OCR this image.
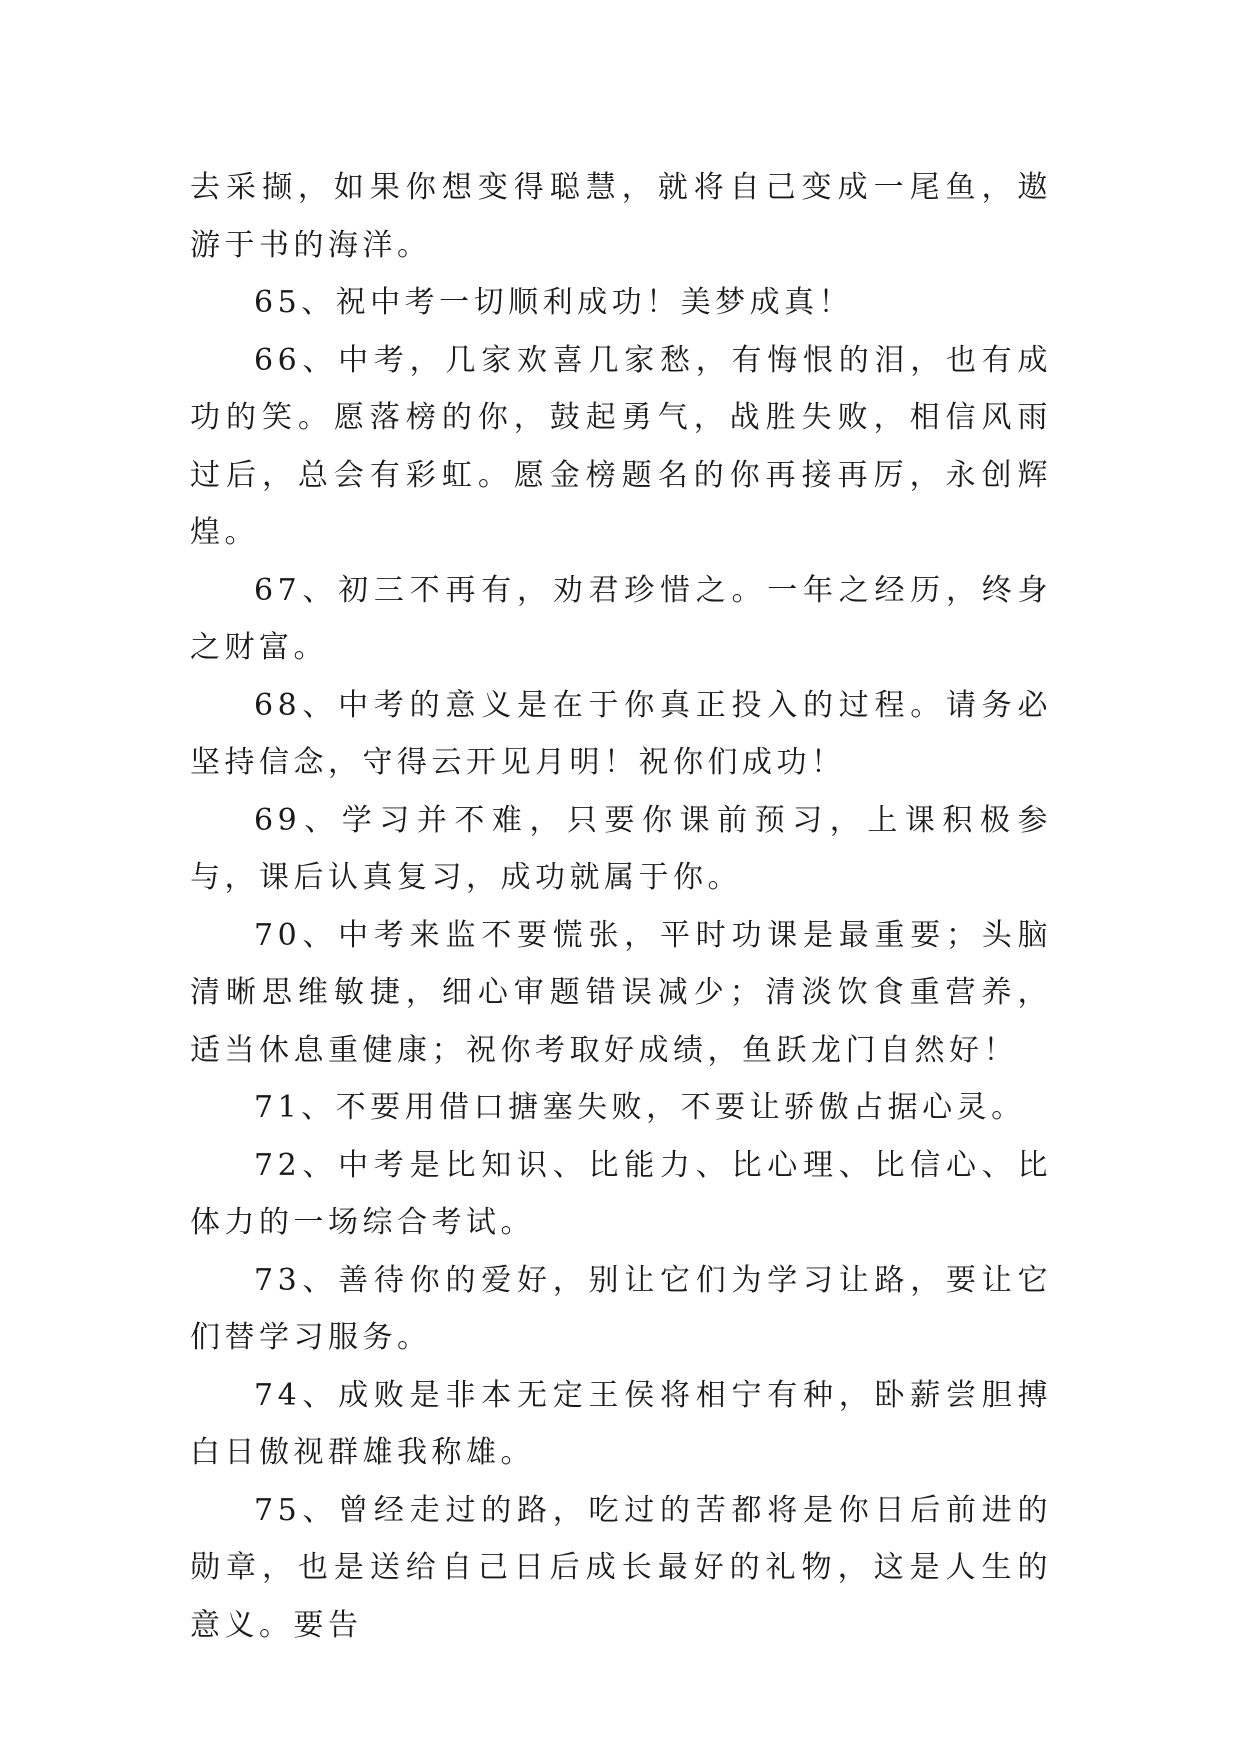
去采撷，如果你想变得聪慧，就将自己变成一尾鱼，遨游于书的海洋。

65、祝中考一切顺利成功！美梦成真！

66、中考，几家欢喜几家愁，有悔恨的泪，也有成功的笑。愿落榜的你，鼓起勇气，战胜失败，相信风雨过后，总会有彩虹。愿金榜题名的你再接再厉，永创辉煌。

67、初三不再有，劝君珍惜之。一年之经历，终身之财富。

68、中考的意义是在于你真正投入的过程。请务必坚持信念，守得云开见月明！祝你们成功！

69、学习并不难，只要你课前预习，上课积极参与，课后认真复习，成功就属于你。

70、中考来监不要慌张，平时功课是最重要；头脑清晰思维敏捷，细心审题错误减少；清淡饮食重营养，适当休息重健康；祝你考取好成绩，鱼跃龙门自然好！

71、不要用借口搪塞失败，不要让骄傲占据心灵。

72、中考是比知识、比能力、比心理、比信心、比体力的一场综合考试。

73、善待你的爱好，别让它们为学习让路，要让它们替学习服务。

74、成败是非本无定王侯将相宁有种，卧薪尝胆搏白日傲视群雄我称雄。

75、曾经走过的路，吃过的苦都将是你日后前进的勋章，也是送给自己日后成长最好的礼物，这是人生的意义。要告
